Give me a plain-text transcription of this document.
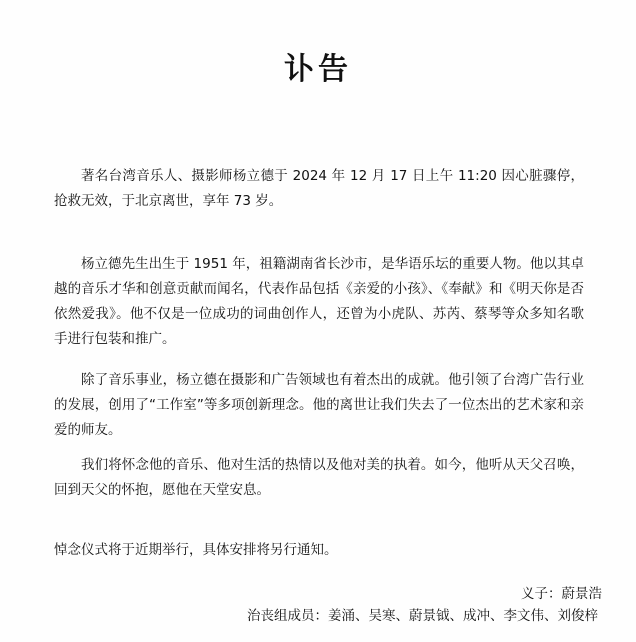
讣告

著名台湾音乐人、摄影师杨立德于 2024 年 12 月 17 日上午 11:20 因心脏骤停，抢救无效，于北京离世，享年 73 岁。

杨立德先生出生于 1951 年，祖籍湖南省长沙市，是华语乐坛的重要人物。他以其卓越的音乐才华和创意贡献而闻名，代表作品包括《亲爱的小孩》、《奉献》和《明天你是否依然爱我》。他不仅是一位成功的词曲创作人，还曾为小虎队、苏芮、蔡琴等众多知名歌手进行包装和推广。

除了音乐事业，杨立德在摄影和广告领域也有着杰出的成就。他引领了台湾广告行业的发展，创用了“工作室”等多项创新理念。他的离世让我们失去了一位杰出的艺术家和亲爱的师友。

我们将怀念他的音乐、他对生活的热情以及他对美的执着。如今，他听从天父召唤，回到天父的怀抱，愿他在天堂安息。

悼念仪式将于近期举行，具体安排将另行通知。

义子：蔚景浩

治丧组成员：姜涌、吴寒、蔚景钺、成冲、李文伟、刘俊梓
